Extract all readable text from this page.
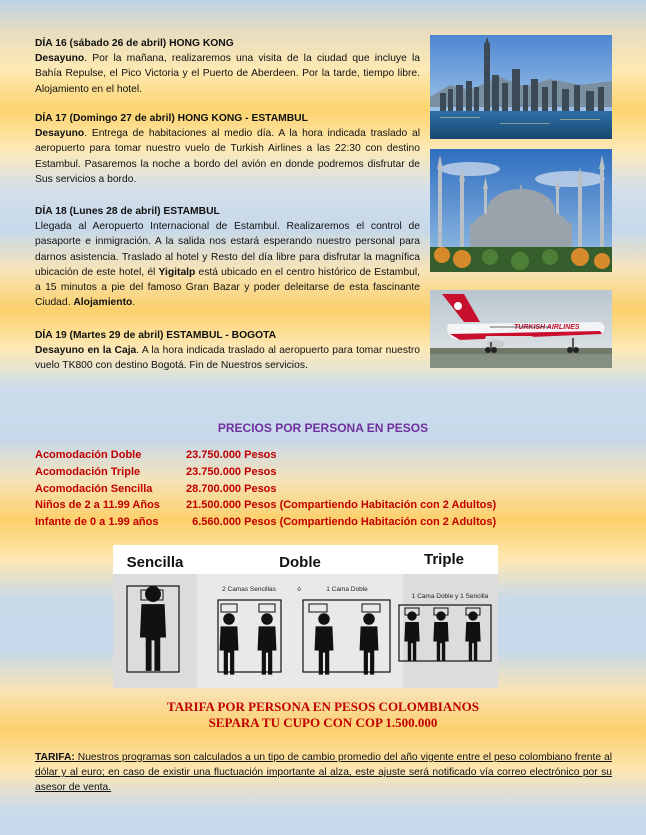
DÍA 16 (sábado 26 de abril) HONG KONG
Desayuno. Por la mañana, realizaremos una visita de la ciudad que incluye la Bahía Repulse, el Pico Victoria y el Puerto de Aberdeen. Por la tarde, tiempo libre. Alojamiento en el hotel.
DÍA 17 (Domingo 27 de abril) HONG KONG - ESTAMBUL
Desayuno. Entrega de habitaciones al medio día. A la hora indicada traslado al aeropuerto para tomar nuestro vuelo de Turkish Airlines a las 22:30 con destino Estambul. Pasaremos la noche a bordo del avión en donde podremos disfrutar de Sus servicios a bordo.
DÍA 18 (Lunes 28 de abril) ESTAMBUL
Llegada al Aeropuerto Internacional de Estambul. Realizaremos el control de pasaporte e inmigración. A la salida nos estará esperando nuestro personal para darnos asistencia. Traslado al hotel y Resto del día libre para disfrutar la magnífica ubicación de este hotel, él Yigitalp está ubicado en el centro histórico de Estambul, a 15 minutos a pie del famoso Gran Bazar y poder deleitarse de esta fascinante Ciudad. Alojamiento.
DÍA 19 (Martes 29 de abril) ESTAMBUL - BOGOTA
Desayuno en la Caja. A la hora indicada traslado al aeropuerto para tomar nuestro vuelo TK800 con destino Bogotá. Fin de Nuestros servicios.
TURKISH AIRLINES
PRECIOS POR PERSONA EN PESOS
Acomodación Doble	23.750.000 Pesos
Acomodación Triple	23.750.000 Pesos
Acomodación Sencilla	28.700.000 Pesos
Niños de 2 a 11.99 Años 21.500.000 Pesos (Compartiendo Habitación con 2 Adultos)
Infante de 0 a 1.99 años	6.560.000 Pesos (Compartiendo Habitación con 2 Adultos)
Sencilla	Doble	Triple
2 Camas Sencillas	ó	1 Cama Doble
1 Cama Doble y 1 Sencilla
TARIFA POR PERSONA EN PESOS COLOMBIANOS
SEPARA TU CUPO CON COP 1.500.000
TARIFA: Nuestros programas son calculados a un tipo de cambio promedio del año vigente entre el peso colombiano frente al dólar y al euro; en caso de existir una fluctuación importante al alza, este ajuste será notificado vía correo electrónico por su asesor de venta.
